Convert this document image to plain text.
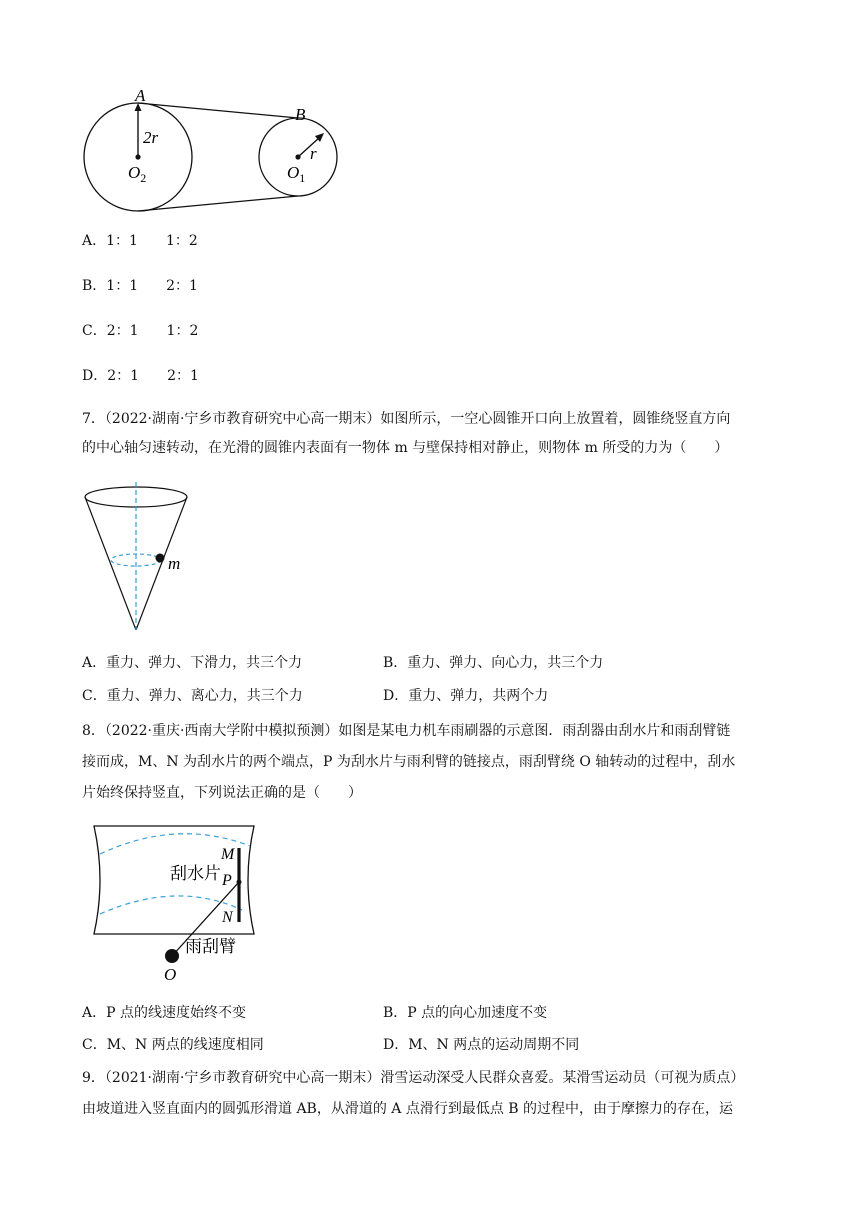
A
B
2r
r
$O_2$	$O_1$
A．1：1 1：2
B．1：1 2：1
C．2：1 1：2
D．2：1 2：1
7．（2022·湖南·宁乡市教育研究中心高一期末）如图所示，一空心圆锥开口向上放置着，圆锥绕竖直方向
的中心轴匀速转动，在光滑的圆锥内表面有一物体 m 与壁保持相对静止，则物体 m 所受的力为（　　）
m
A．重力、弹力、下滑力，共三个力	B．重力、弹力、向心力，共三个力
C．重力、弹力、离心力，共三个力	D．重力、弹力，共两个力
8．（2022·重庆·西南大学附中模拟预测）如图是某电力机车雨刷器的示意图．雨刮器由刮水片和雨刮臂链
接而成，M、N 为刮水片的两个端点，P 为刮水片与雨利臂的链接点，雨刮臂绕 O 轴转动的过程中，刮水
片始终保持竖直，下列说法正确的是（　　）
刮水片
雨刮臂
M
P
N
O
A．P 点的线速度始终不变	B．P 点的向心加速度不变
C．M、N 两点的线速度相同	D．M、N 两点的运动周期不同
9．（2021·湖南·宁乡市教育研究中心高一期末）滑雪运动深受人民群众喜爱。某滑雪运动员（可视为质点）
由坡道进入竖直面内的圆弧形滑道 AB，从滑道的 A 点滑行到最低点 B 的过程中，由于摩擦力的存在，运
